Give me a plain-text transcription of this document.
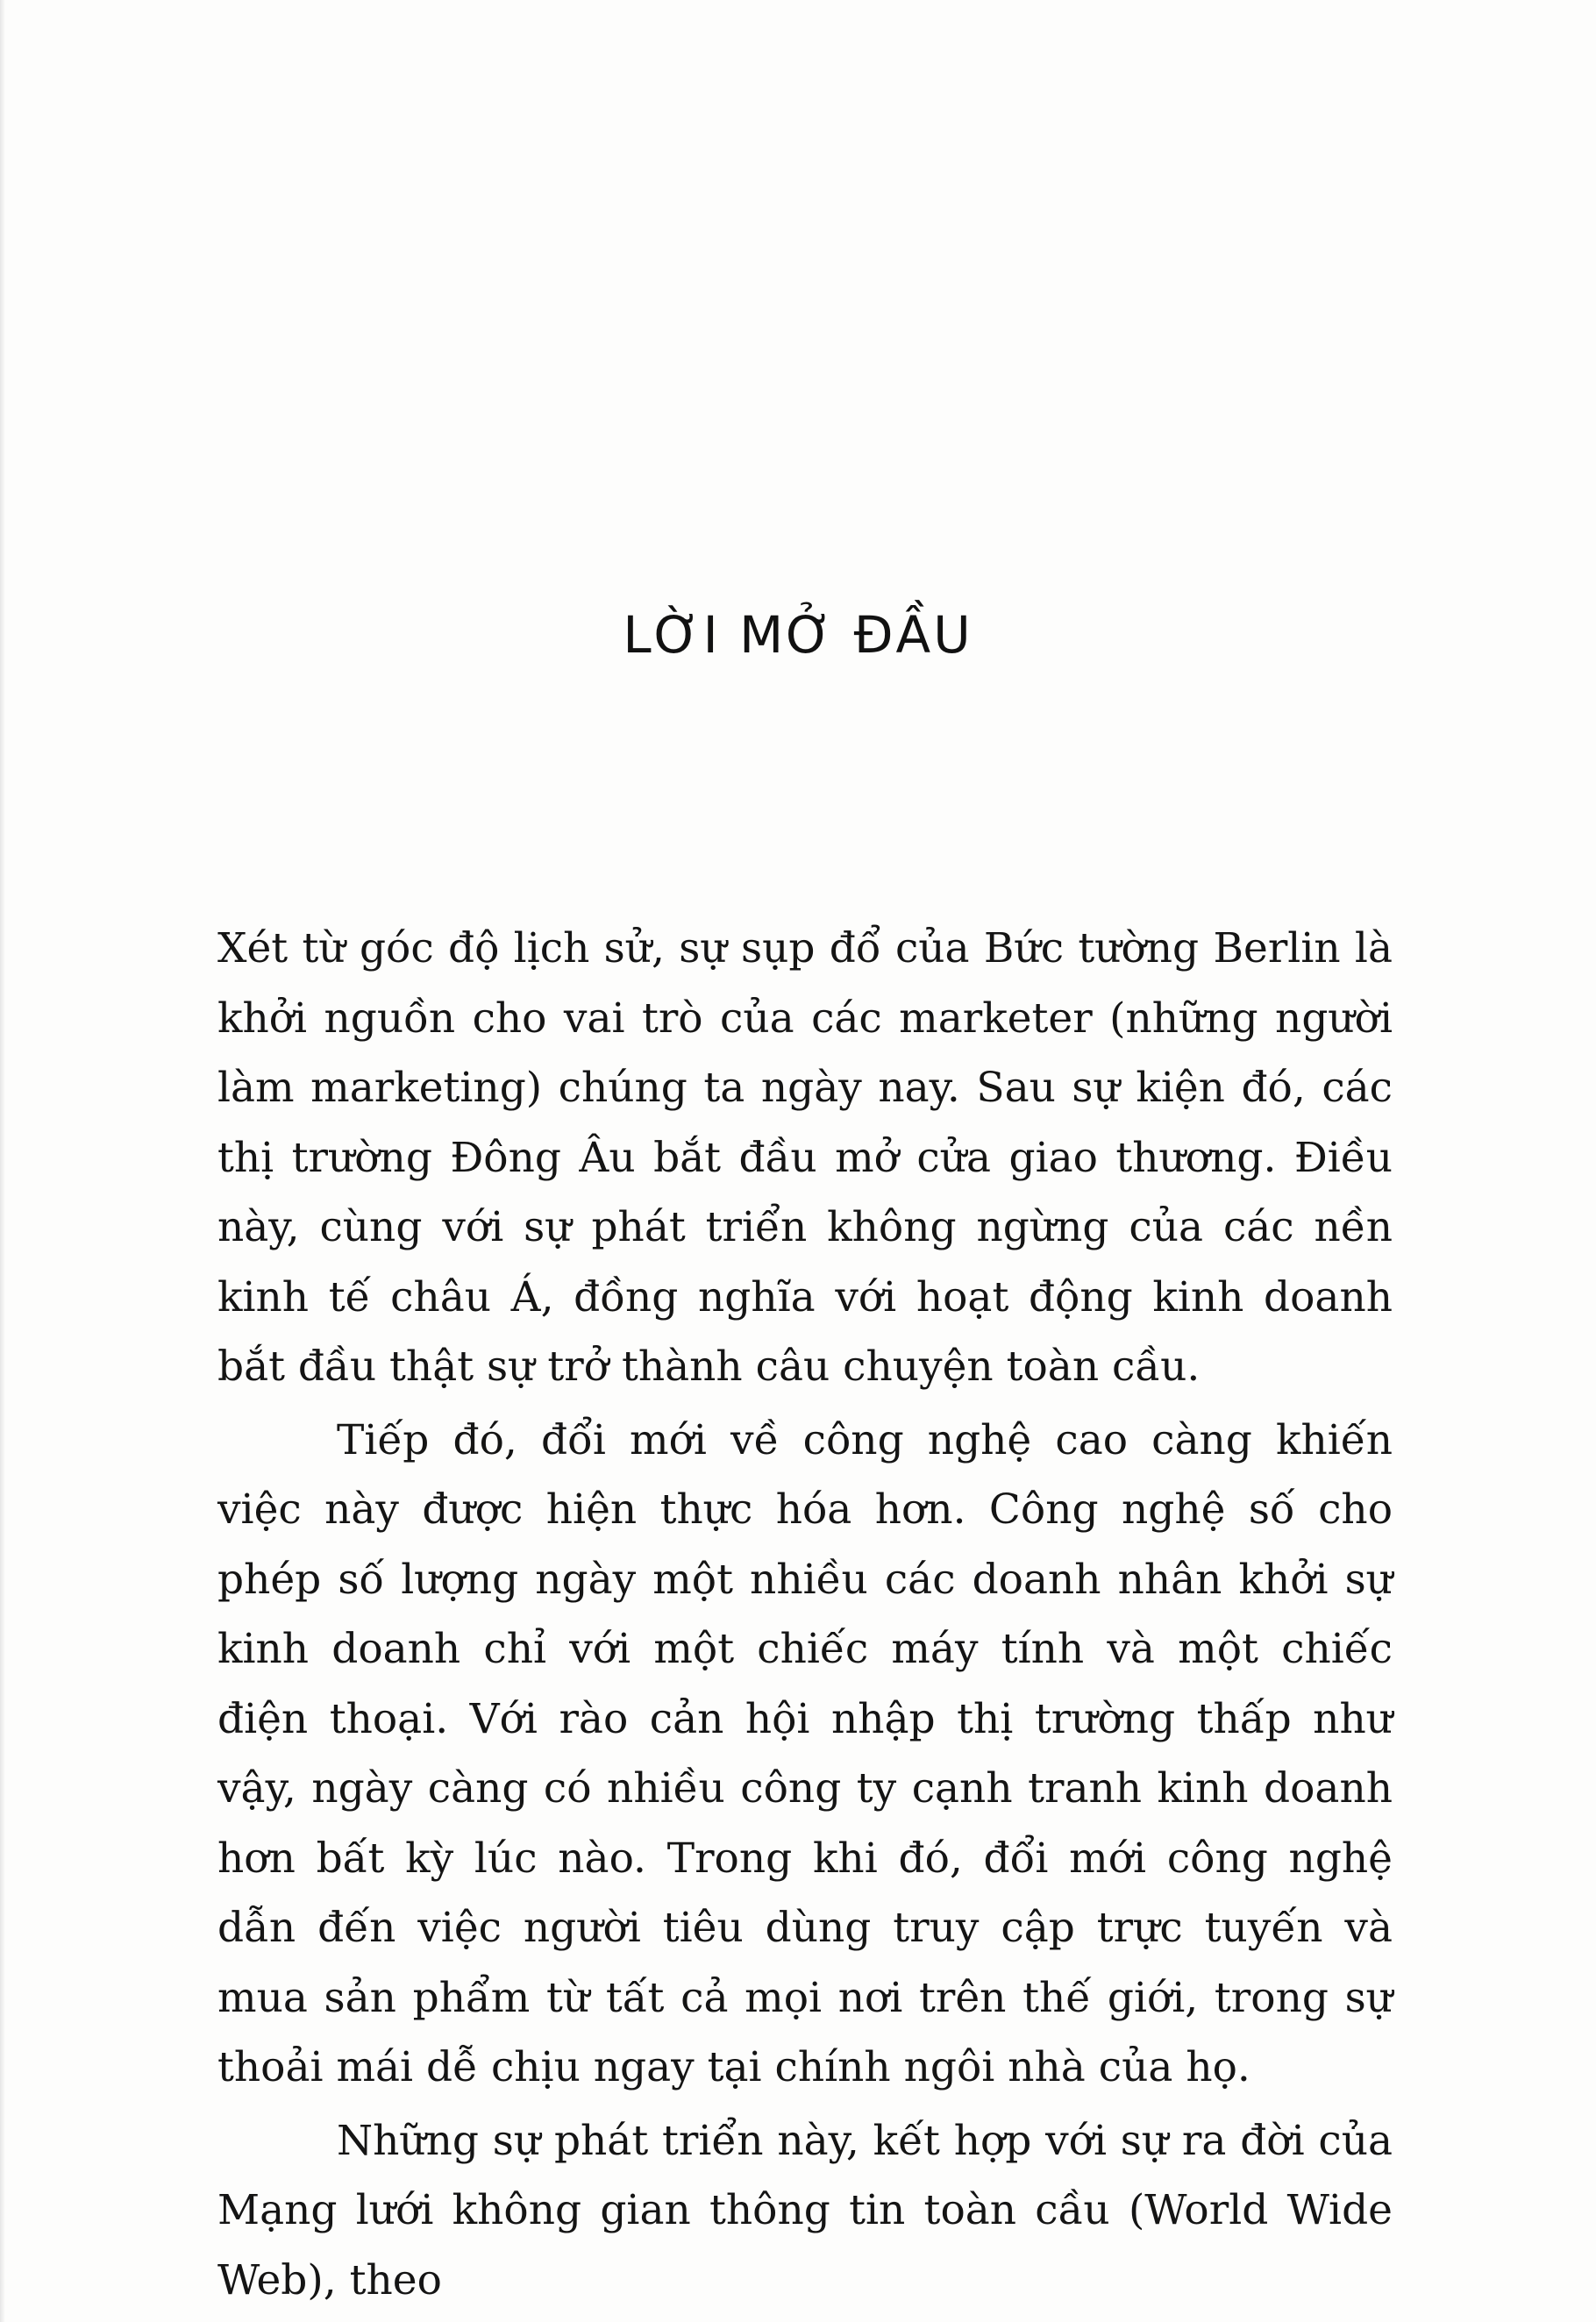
LỜI MỞ ĐẦU

Xét từ góc độ lịch sử, sự sụp đổ của Bức tường Berlin là khởi nguồn cho vai trò của các marketer (những người làm marketing) chúng ta ngày nay. Sau sự kiện đó, các thị trường Đông Âu bắt đầu mở cửa giao thương. Điều này, cùng với sự phát triển không ngừng của các nền kinh tế châu Á, đồng nghĩa với hoạt động kinh doanh bắt đầu thật sự trở thành câu chuyện toàn cầu.

Tiếp đó, đổi mới về công nghệ cao càng khiến việc này được hiện thực hóa hơn. Công nghệ số cho phép số lượng ngày một nhiều các doanh nhân khởi sự kinh doanh chỉ với một chiếc máy tính và một chiếc điện thoại. Với rào cản hội nhập thị trường thấp như vậy, ngày càng có nhiều công ty cạnh tranh kinh doanh hơn bất kỳ lúc nào. Trong khi đó, đổi mới công nghệ dẫn đến việc người tiêu dùng truy cập trực tuyến và mua sản phẩm từ tất cả mọi nơi trên thế giới, trong sự thoải mái dễ chịu ngay tại chính ngôi nhà của họ.

Những sự phát triển này, kết hợp với sự ra đời của Mạng lưới không gian thông tin toàn cầu (World Wide Web), theo
